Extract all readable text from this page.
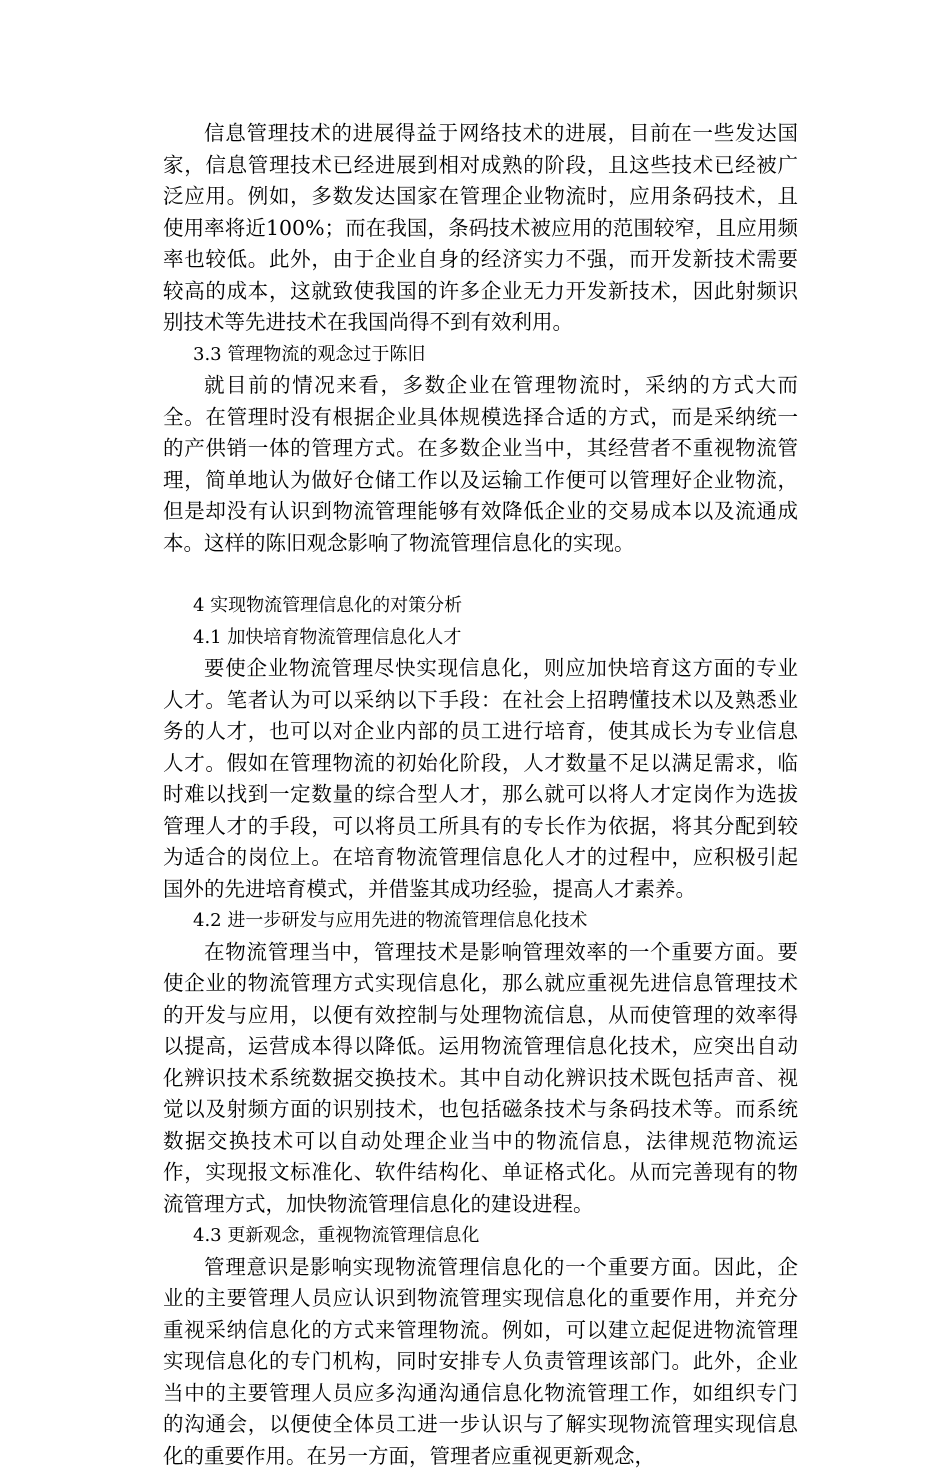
信息管理技术的进展得益于网络技术的进展，目前在一些发达国家，信息管理技术已经进展到相对成熟的阶段，且这些技术已经被广泛应用。例如，多数发达国家在管理企业物流时，应用条码技术，且使用率将近100%；而在我国，条码技术被应用的范围较窄，且应用频率也较低。此外，由于企业自身的经济实力不强，而开发新技术需要较高的成本，这就致使我国的许多企业无力开发新技术，因此射频识别技术等先进技术在我国尚得不到有效利用。

3.3 管理物流的观念过于陈旧

就目前的情况来看，多数企业在管理物流时，采纳的方式大而全。在管理时没有根据企业具体规模选择合适的方式，而是采纳统一的产供销一体的管理方式。在多数企业当中，其经营者不重视物流管理，简单地认为做好仓储工作以及运输工作便可以管理好企业物流，但是却没有认识到物流管理能够有效降低企业的交易成本以及流通成本。这样的陈旧观念影响了物流管理信息化的实现。

4 实现物流管理信息化的对策分析

4.1 加快培育物流管理信息化人才

要使企业物流管理尽快实现信息化，则应加快培育这方面的专业人才。笔者认为可以采纳以下手段：在社会上招聘懂技术以及熟悉业务的人才，也可以对企业内部的员工进行培育，使其成长为专业信息人才。假如在管理物流的初始化阶段，人才数量不足以满足需求，临时难以找到一定数量的综合型人才，那么就可以将人才定岗作为选拔管理人才的手段，可以将员工所具有的专长作为依据，将其分配到较为适合的岗位上。在培育物流管理信息化人才的过程中，应积极引起国外的先进培育模式，并借鉴其成功经验，提高人才素养。

4.2 进一步研发与应用先进的物流管理信息化技术

在物流管理当中，管理技术是影响管理效率的一个重要方面。要使企业的物流管理方式实现信息化，那么就应重视先进信息管理技术的开发与应用，以便有效控制与处理物流信息，从而使管理的效率得以提高，运营成本得以降低。运用物流管理信息化技术，应突出自动化辨识技术系统数据交换技术。其中自动化辨识技术既包括声音、视觉以及射频方面的识别技术，也包括磁条技术与条码技术等。而系统数据交换技术可以自动处理企业当中的物流信息，法律规范物流运作，实现报文标准化、软件结构化、单证格式化。从而完善现有的物流管理方式，加快物流管理信息化的建设进程。

4.3 更新观念，重视物流管理信息化

管理意识是影响实现物流管理信息化的一个重要方面。因此，企业的主要管理人员应认识到物流管理实现信息化的重要作用，并充分重视采纳信息化的方式来管理物流。例如，可以建立起促进物流管理实现信息化的专门机构，同时安排专人负责管理该部门。此外，企业当中的主要管理人员应多沟通沟通信息化物流管理工作，如组织专门的沟通会，以便使全体员工进一步认识与了解实现物流管理实现信息化的重要作用。在另一方面，管理者应重视更新观念，
